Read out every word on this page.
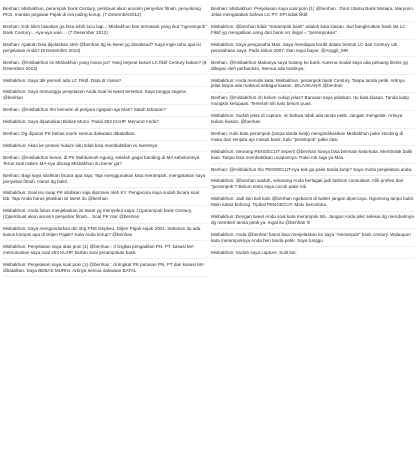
Benhan: Misbakhun, perampok bank Century, pembuat akun anonim penyebar fitnah, penyokong PKS, mantan pegawai Pajak di era paling korup. (7 Desember2012)
Benhan: Kok bikin lawakan ga bisa lebih lucu lagi... Misbakhun kan termasuk yang ikut "ngerampok" Bank Century... Aya-aya wae.... (7 Desember 2012)
Benhan: Apakah bisa dijelaskan oleh @benhan ttg isi tweet yg dimaksud? Saya ingin tahu apa isi penjelasan Anda? (8 Desember 2013)
Benhan: @misbakhun ini Misbakhun yang mana ya? Yang terjerat kasus LC fiktif Century bukan? (8 Desember 2013)
Misbakhun: Saya tdk pernah ada LC Fiktif. Data dr mana?
Misbakhun: Saya menunggu penjelasan Anda soal isi tweet tersebut. Saya tunggu segera. @benhan
Benhan: @misbakhun Iho kemarin di penjara ngapain aja Mas? Salah tahanan?
Misbakhun: Saya diputuskan Bebas Murni. Pasal 263 KUHP. Menurut Anda?
Benhan: Dg diputus PK bebas murni semua dakwaan dibatalkan.
Misbakhun: Akan ke proses hukum lalu tidak bisa membuktikan isi tweetnya
Benhan: @misbakhun benar, di PK Mahkamah Agung, setelah gagal banding di MA sebelumnya. Terus soal Hakim MA-nya disuap Misbakhun itu bener ga?
Benhan: Bagi saya silahkan bicara apa saja. Tapi menggunakan kata merampok, mengatakan saya penyebar fitnah. Harus dg bukti.
Misbakhun: Soal isu suap PK silahkan saja diproses oleh KY. Pengacara saya sudah bicara soal tsb. Tapi Anda harus jelaskan isi tweet itu @benhan
Misbakhun: Anda fokus menjelaskan isi tweet yg menyebut saya: (1)perampok bank Century, (2)pembuat akun anonim penyebar fitnah... Soal PK ntar @benhan
Misbakhun: Saya mengundurkan diri sbg PNS Depkeu, Ditjen Pajak sejak 2004. Sebelum itu ada kasus korupsi apa di Ditjen Pajak? Kata Anda korup? @benhan
Misbakhun: Penjelasan saya atas poin (1) @benhan : 3 tingkat pengadilan PN, PT, kasasi MA memutuskan saya soal 263 KUHP. Bukan soal perampokan bank
Misbakhun: Penjelasan saya soal poin (1) @benhan : di tingkat PK putusan PN, PT dan kasasi MA dibatalkan. Saya BEBAS MURNI. Artinya semua dakwaan BATAL
Benhan: Misbakhun: Penjelasan saya soal poin (1) @benhan : Dirut Utama Bank Mutiara, Maryono. Jelas mengatakan bahwa LC PT. SPI tidak fiktif.
Misbakhun: @benhan tidak "merampok bank" adalah kata kiasan. Ikut bangkrutkan bank lwt LC Fiktif yg mengalikan uang dari bank scr ilegal = "perampokan".
Misbakhun: Saya pengusaha Mas. Saya mendapat kredit dalam bentuk LC dari Century utk perusahaan saya. Pada tahun 2007. Dan saya bayar. @Anggit_MR
Benhan: @misbakhun Makanya saya hutang ke bank. Karena modal saya ada peluang bisnis yg dibayar oleh perbankan. Semua ada buktinya.
Misbakhun: Anda menulis kata; Misbakhun, perampok bank Century. Tanpa tanda petik. Artinya jelas tanpa ada maksud sebagai kiasan. JELASKAN!!! @benhan
Benhan: @misbakhun oh belum cukup jelas? Barusan saya jelaskan. Itu kata kiasan. Tanda kutip mungkin kelupaan. Terserah sih kalo belum puas.
Misbakhun: Sudah jelas di capture, ini bahwa tidak ada tanda petik. Jangan mengelak. Artinya bukan kiasan. @benhan
Benhan: Kalo kata perampok (tanpa tanda kutip) mengindikasikan Misbakhun pake stocking di muka dan senjata api masuk bank, kalo "perampok" pake dasi
Misbakhun: Seorang PENGECUT seperti @benhan hanya bisa bermain kata-kata. Membolak balik kata. Tanpa bisa membuktikan ucapannya. Pake rok saja ya Mas.
Benhan: @misbakhun Iho PENGECUT-nya kok ga pake tanda kutip? Saya minta penjelasan anda.
Misbakhun: @benhan waduh, sekarang Anda berlagak jadi fashion consultant. Alih profesi dari "perampok"? Belum tentu saya cocok pake rok.
Misbakhun: Jadi lain kali kalo @benhan ngebacot di twitter jangan dipercaya. Ngomong tanpa bukti. Main kata2 bohong. Tipikal PENGECUT. Malu bercelana.
Misbakhun: Dengan tweet Anda soal kata merampok tsb. Jangan Anda pikir selesai dg merubahnya dg memberi tanda petik ya. Ingat itu @benhan !!!
Misbakhun: Anda @benhan harus bisa menjelaskan ke saya "merampok" bank century. Walaupun kata merampoknya Anda beri tanda petik. Saya tunggu
Misbakhun: Sudah saya capture. Sulit lari.
